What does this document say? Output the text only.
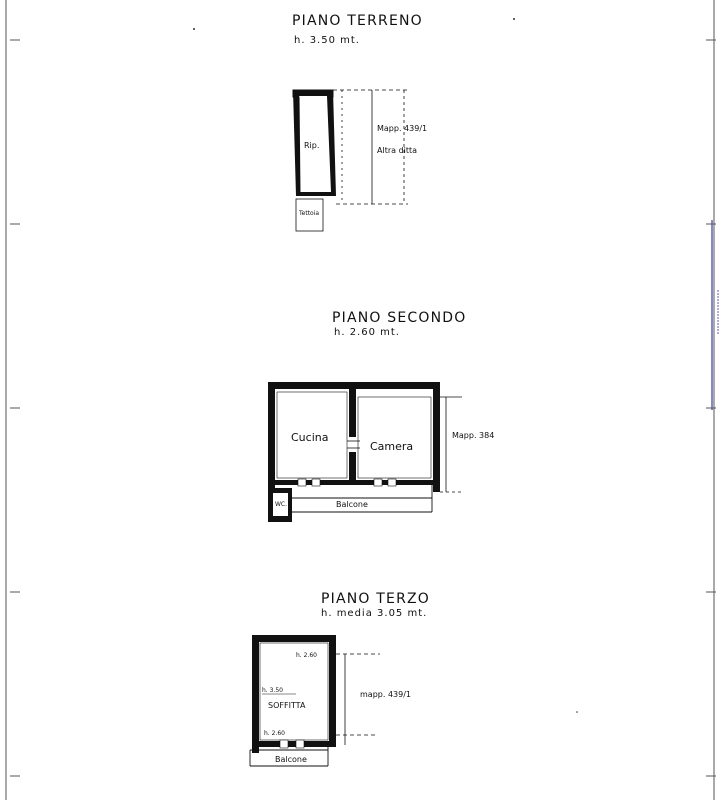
PIANO TERRENO
h. 3.50 mt.
Rip.
Tettoia
Mapp. 439/1
Altra ditta
PIANO SECONDO
h. 2.60 mt.
Balcone
WC.
Cucina
Camera
Mapp. 384
PIANO TERZO
h. media 3.05 mt.
h. 2.60
h. 3.50
SOFFITTA
h. 2.60
Balcone
mapp. 439/1
